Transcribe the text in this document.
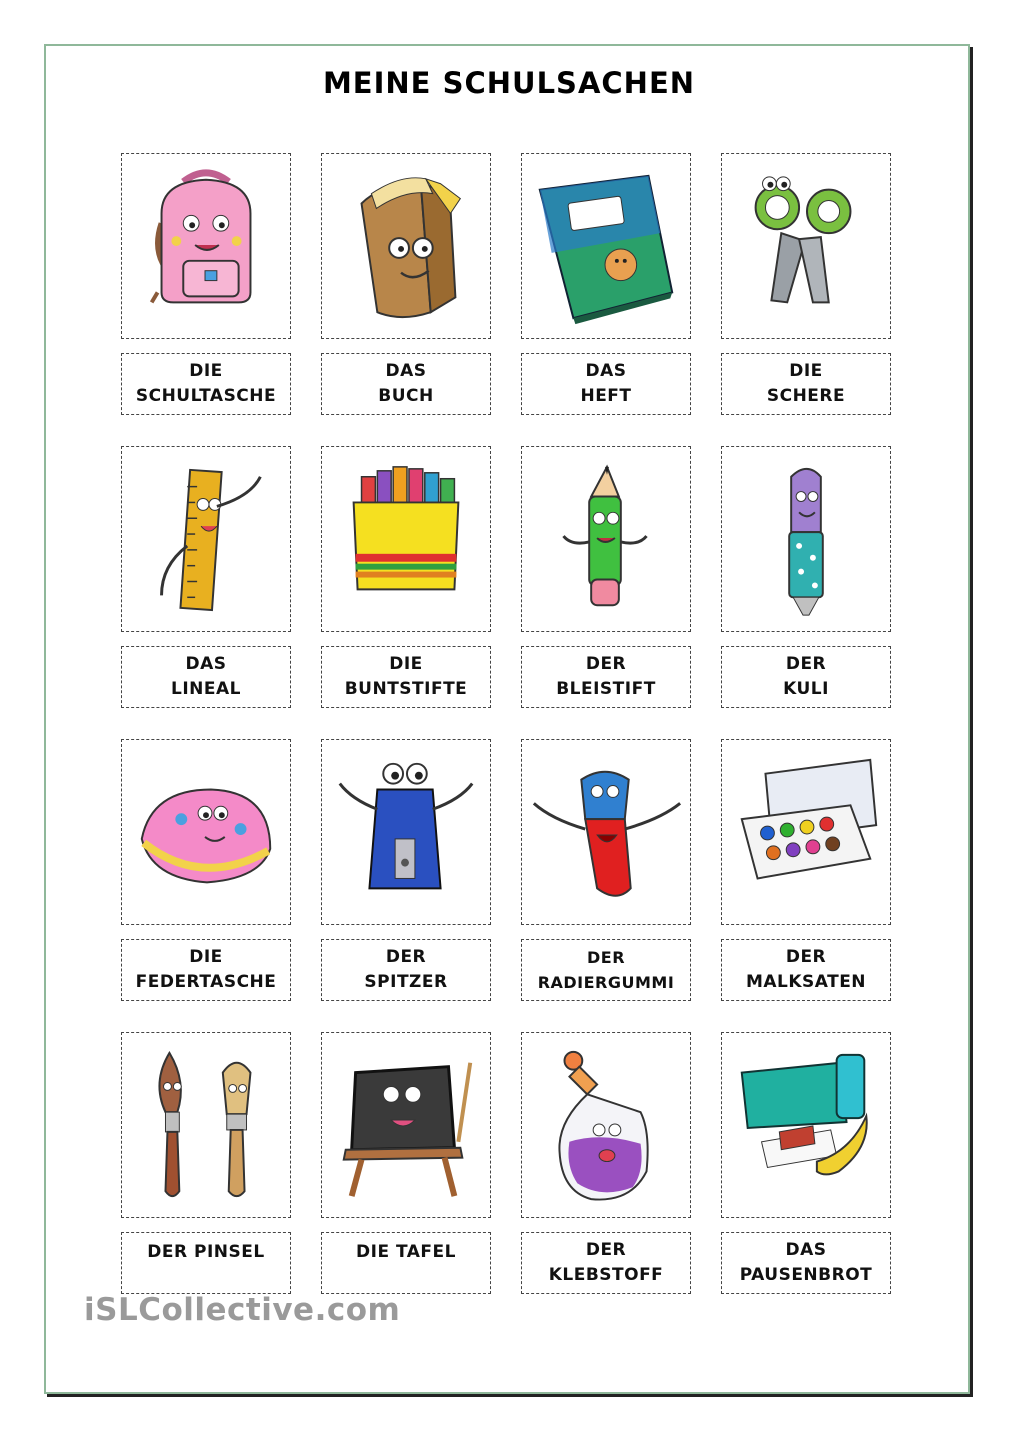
MEINE SCHULSACHEN
DIE
SCHULTASCHE
DAS
BUCH
DAS
HEFT
DIE
SCHERE
DAS
LINEAL
DIE
BUNTSTIFTE
DER
BLEISTIFT
DER
KULI
DIE
FEDERTASCHE
DER
SPITZER
DER
RADIERGUMMI
DER
MALKSATEN
DER PINSEL	DIE TAFEL	DER
KLEBSTOFF
DAS
PAUSENBROT
iSLCollective.com
